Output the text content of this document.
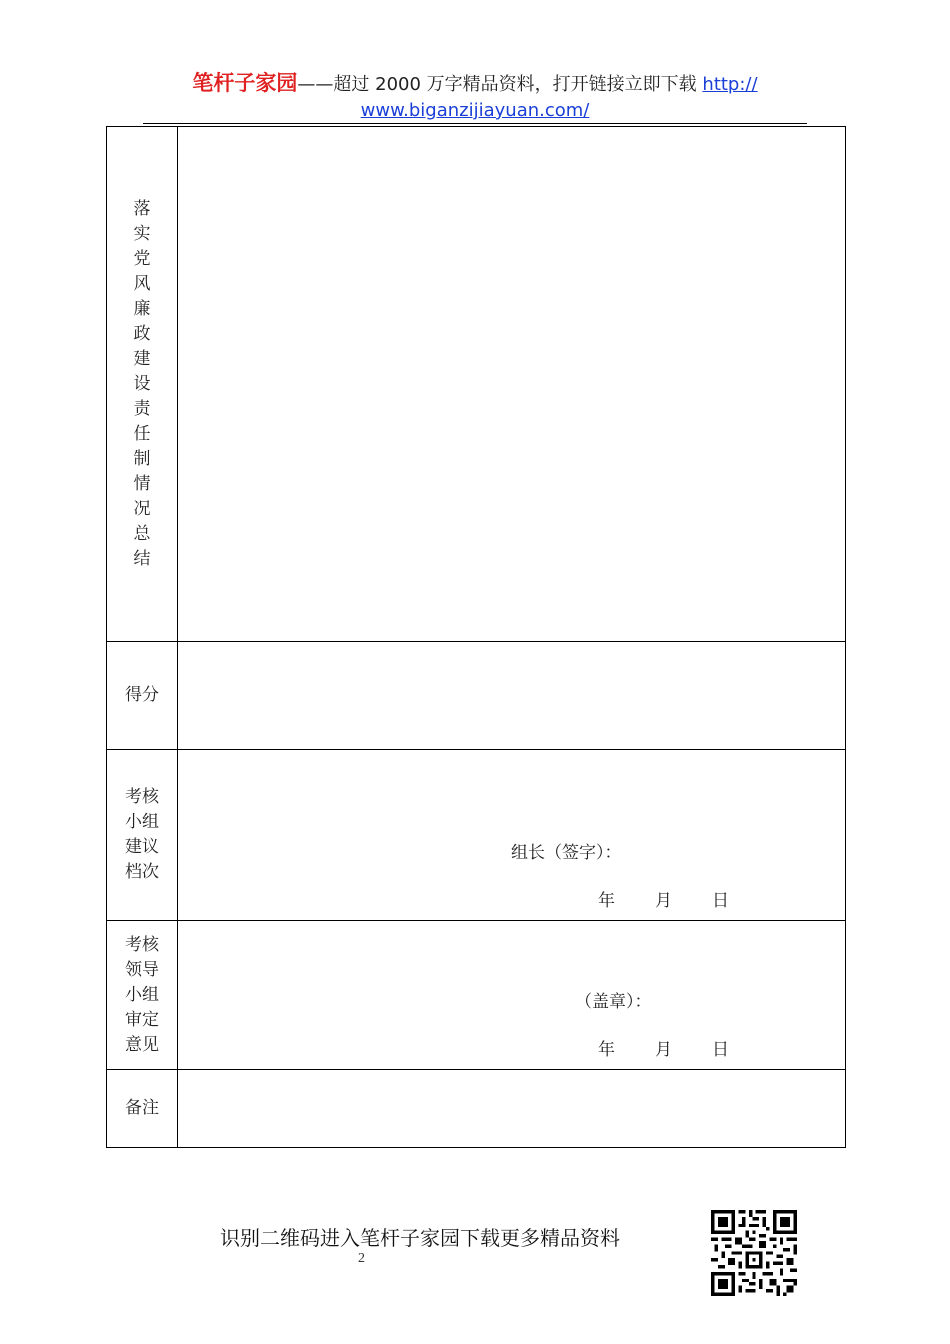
笔杆子家园——超过 2000 万字精品资料，打开链接立即下载 http://
www.biganzijiayuan.com/
落实党风廉政建设责任制情况总结	
得分	
考核小组建议档次	组长（签字）：
年 月 日

考核领导小组审定意见	（盖章）：
年 月 日

备注	
识别二维码进入笔杆子家园下载更多精品资料
2
